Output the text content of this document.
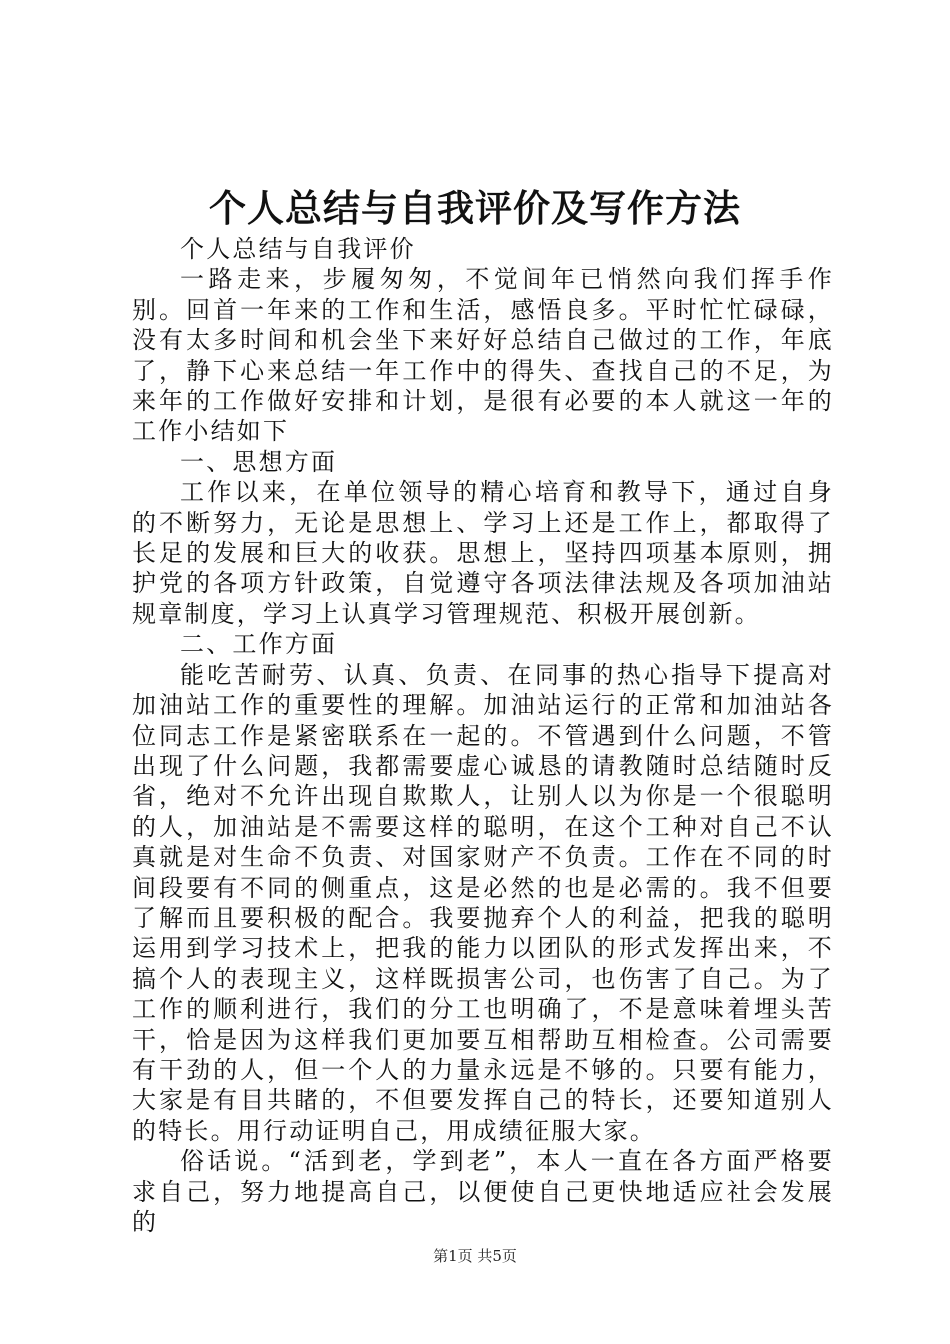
个人总结与自我评价及写作方法

个人总结与自我评价

一路走来，步履匆匆，不觉间年已悄然向我们挥手作别。回首一年来的工作和生活，感悟良多。平时忙忙碌碌，没有太多时间和机会坐下来好好总结自己做过的工作，年底了，静下心来总结一年工作中的得失、查找自己的不足，为来年的工作做好安排和计划，是很有必要的本人就这一年的工作小结如下

一、思想方面

工作以来，在单位领导的精心培育和教导下，通过自身的不断努力，无论是思想上、学习上还是工作上，都取得了长足的发展和巨大的收获。思想上，坚持四项基本原则，拥护党的各项方针政策，自觉遵守各项法律法规及各项加油站规章制度，学习上认真学习管理规范、积极开展创新。

二、工作方面

能吃苦耐劳、认真、负责、在同事的热心指导下提高对加油站工作的重要性的理解。加油站运行的正常和加油站各位同志工作是紧密联系在一起的。不管遇到什么问题，不管出现了什么问题，我都需要虚心诚恳的请教随时总结随时反省，绝对不允许出现自欺欺人，让别人以为你是一个很聪明的人，加油站是不需要这样的聪明，在这个工种对自己不认真就是对生命不负责、对国家财产不负责。工作在不同的时间段要有不同的侧重点，这是必然的也是必需的。我不但要了解而且要积极的配合。我要抛弃个人的利益，把我的聪明运用到学习技术上，把我的能力以团队的形式发挥出来，不搞个人的表现主义，这样既损害公司，也伤害了自己。为了工作的顺利进行，我们的分工也明确了，不是意味着埋头苦干，恰是因为这样我们更加要互相帮助互相检查。公司需要有干劲的人，但一个人的力量永远是不够的。只要有能力，大家是有目共睹的，不但要发挥自己的特长，还要知道别人的特长。用行动证明自己，用成绩征服大家。

俗话说。“活到老，学到老”，本人一直在各方面严格要求自己，努力地提高自己，以便使自己更快地适应社会发展的

第1页 共5页
